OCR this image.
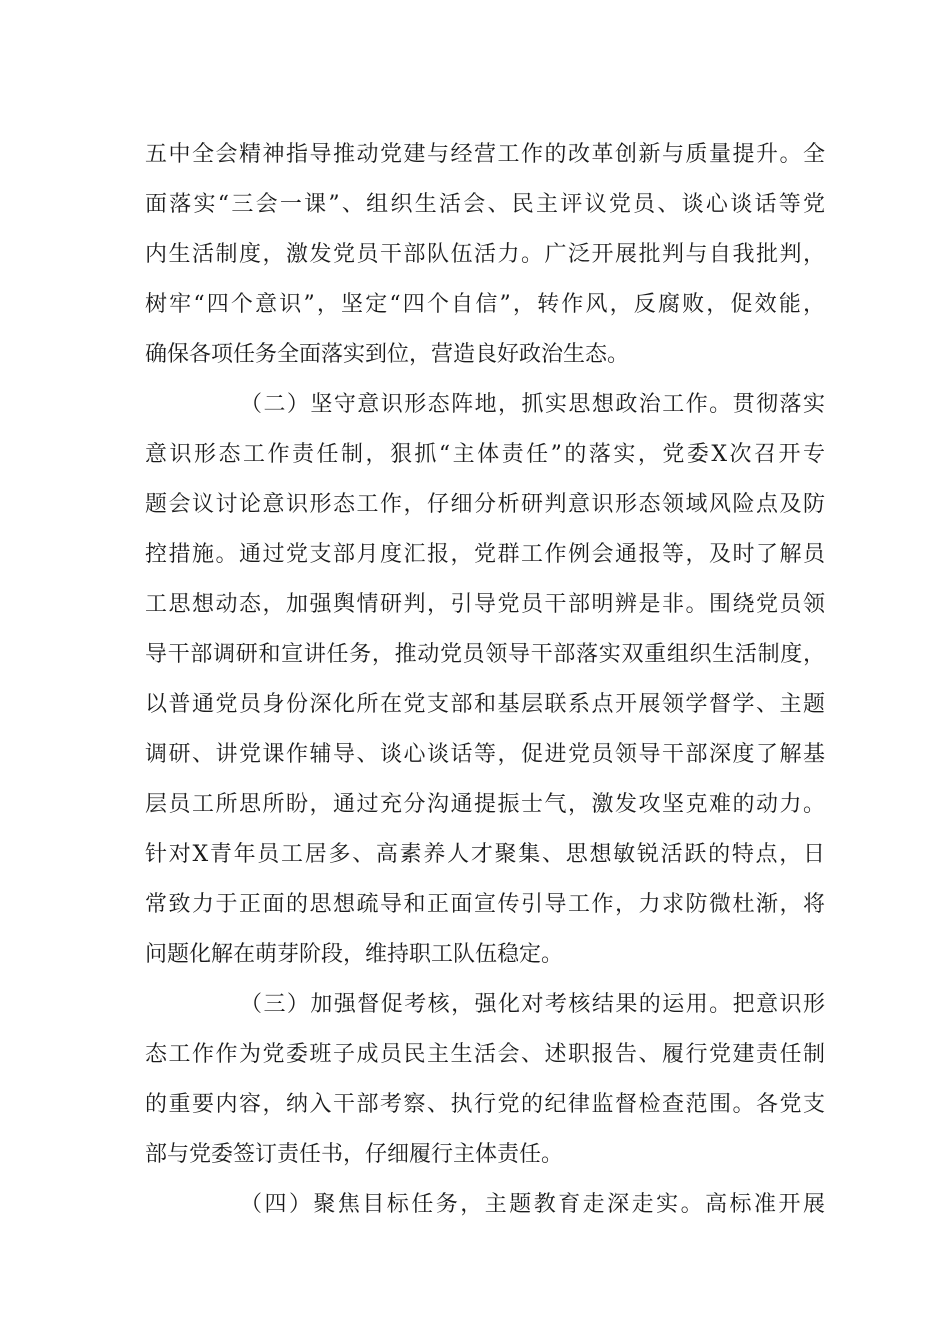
五中全会精神指导推动党建与经营工作的改革创新与质量提升。全
面落实“三会一课”、组织生活会、民主评议党员、谈心谈话等党
内生活制度，激发党员干部队伍活力。广泛开展批判与自我批判，
树牢“四个意识”，坚定“四个自信”，转作风，反腐败，促效能，
确保各项任务全面落实到位，营造良好政治生态。
（二）坚守意识形态阵地，抓实思想政治工作。贯彻落实
意识形态工作责任制，狠抓“主体责任”的落实，党委X次召开专
题会议讨论意识形态工作，仔细分析研判意识形态领域风险点及防
控措施。通过党支部月度汇报，党群工作例会通报等，及时了解员
工思想动态，加强舆情研判，引导党员干部明辨是非。围绕党员领
导干部调研和宣讲任务，推动党员领导干部落实双重组织生活制度，
以普通党员身份深化所在党支部和基层联系点开展领学督学、主题
调研、讲党课作辅导、谈心谈话等，促进党员领导干部深度了解基
层员工所思所盼，通过充分沟通提振士气，激发攻坚克难的动力。
针对X青年员工居多、高素养人才聚集、思想敏锐活跃的特点，日
常致力于正面的思想疏导和正面宣传引导工作，力求防微杜渐，将
问题化解在萌芽阶段，维持职工队伍稳定。
（三）加强督促考核，强化对考核结果的运用。把意识形
态工作作为党委班子成员民主生活会、述职报告、履行党建责任制
的重要内容，纳入干部考察、执行党的纪律监督检查范围。各党支
部与党委签订责任书，仔细履行主体责任。
（四）聚焦目标任务，主题教育走深走实。高标准开展
